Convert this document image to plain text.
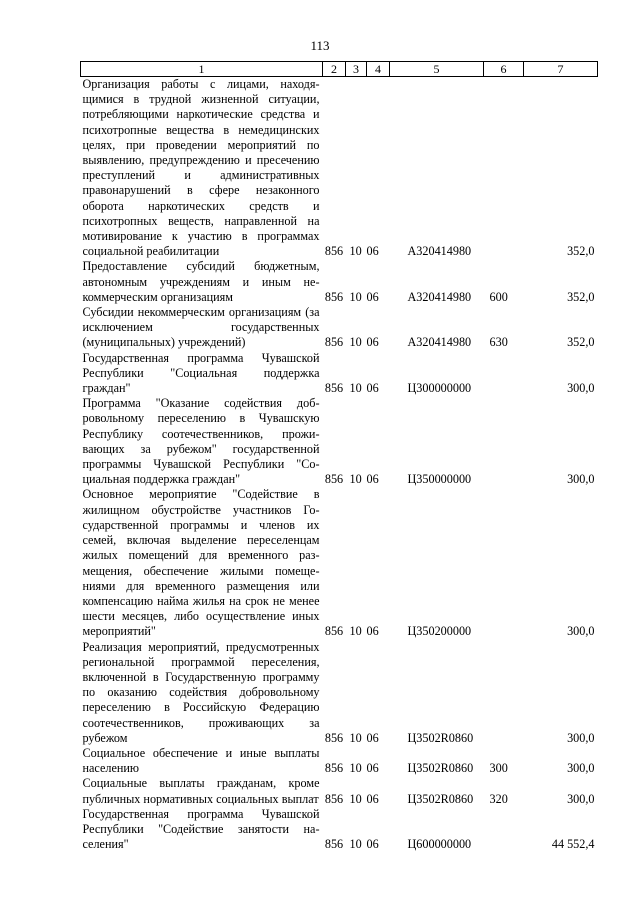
113
1	2	3	4	5	6	7
Организация работы с лицами, находящимися в трудной жизненной ситуации, потребляющими наркотические средства и психотропные вещества в немедицинских целях, при проведении мероприятий по выявлению, предупреждению и пресечению преступлений и административных правонарушений в сфере незаконного оборота наркотических средств и психотропных веществ, направленной на мотивирование к участию в программах социальной реабилитации	856	10	06	А320414980		352,0
Предоставление субсидий бюджетным, автономным учреждениям и иным некоммерческим организациям	856	10	06	А320414980	600	352,0
Субсидии некоммерческим организациям (за исключением государственных (муниципальных) учреждений)	856	10	06	А320414980	630	352,0
Государственная программа Чувашской Республики "Социальная поддержка граждан"	856	10	06	Ц300000000		300,0
Программа "Оказание содействия добровольному переселению в Чувашскую Республику соотечественников, проживающих за рубежом" государственной программы Чувашской Республики "Социальная поддержка граждан"	856	10	06	Ц350000000		300,0
Основное мероприятие "Содействие в жилищном обустройстве участников Государственной программы и членов их семей, включая выделение переселенцам жилых помещений для временного размещения, обеспечение жилыми помещениями для временного размещения или компенсацию найма жилья на срок не менее шести месяцев, либо осуществление иных мероприятий"	856	10	06	Ц350200000		300,0
Реализация мероприятий, предусмотренных региональной программой переселения, включенной в Государственную программу по оказанию содействия добровольному переселению в Российскую Федерацию соотечественников, проживающих за рубежом	856	10	06	Ц3502R0860		300,0
Социальное обеспечение и иные выплаты населению	856	10	06	Ц3502R0860	300	300,0
Социальные выплаты гражданам, кроме публичных нормативных социальных выплат	856	10	06	Ц3502R0860	320	300,0
Государственная программа Чувашской Республики "Содействие занятости населения"	856	10	06	Ц600000000		44 552,4
